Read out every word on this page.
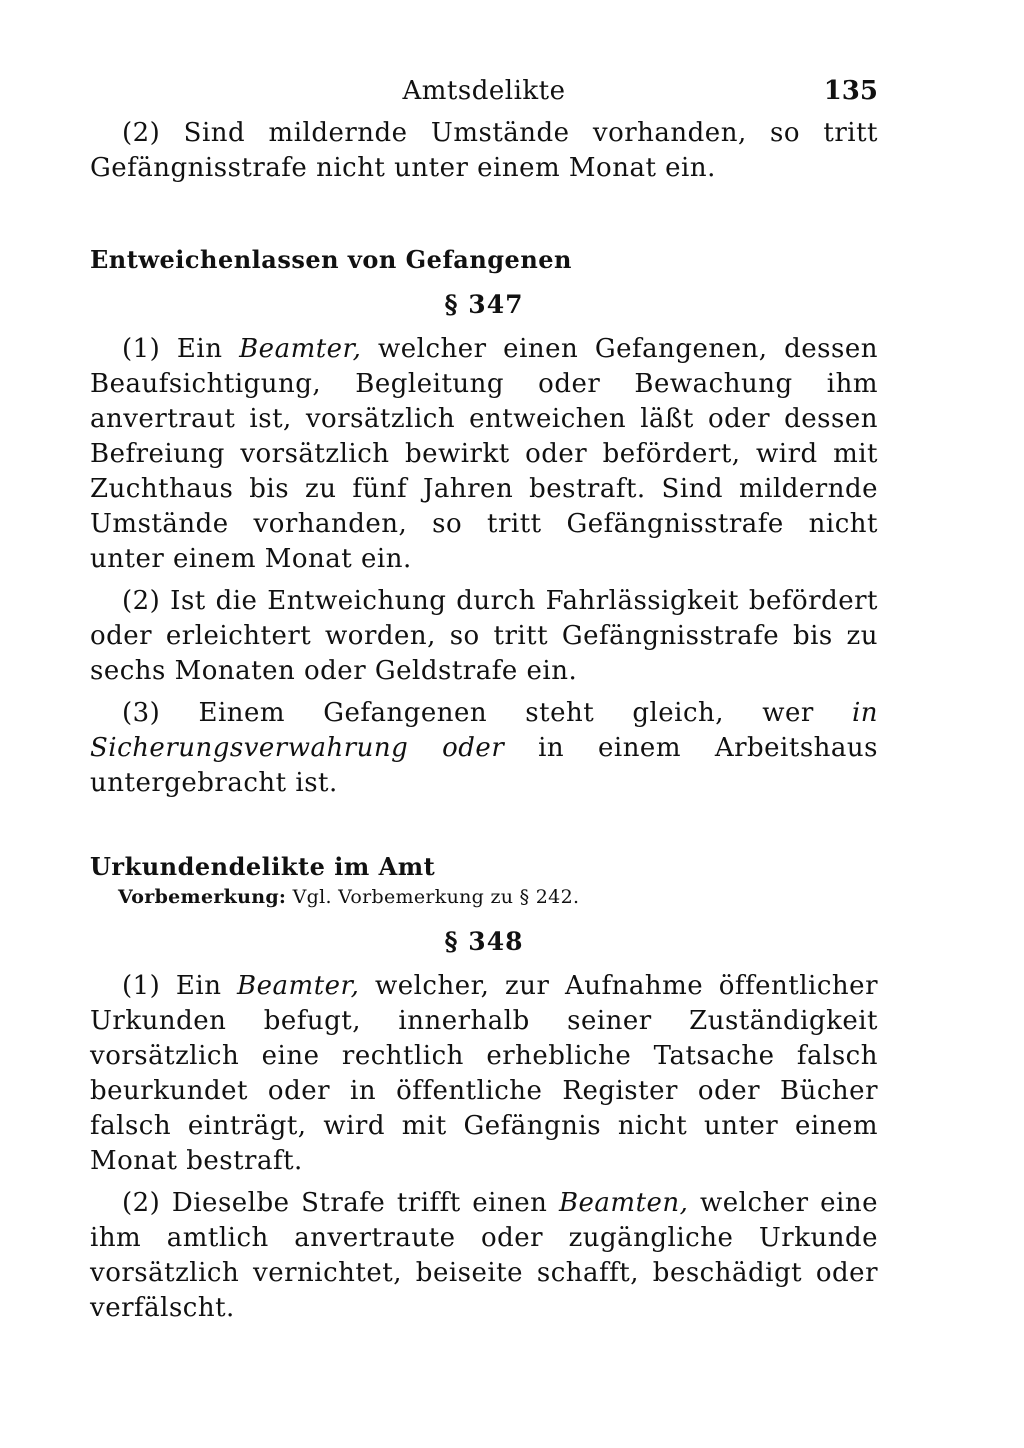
Amtsdelikte	135

(2) Sind mildernde Umstände vorhanden, so tritt Gefängnisstrafe nicht unter einem Monat ein.

Entweichenlassen von Gefangenen
§ 347

(1) Ein Beamter, welcher einen Gefangenen, dessen Beaufsichtigung, Begleitung oder Bewachung ihm anvertraut ist, vorsätzlich entweichen läßt oder dessen Befreiung vorsätzlich bewirkt oder befördert, wird mit Zuchthaus bis zu fünf Jahren bestraft. Sind mildernde Umstände vorhanden, so tritt Gefängnisstrafe nicht unter einem Monat ein.

(2) Ist die Entweichung durch Fahrlässigkeit befördert oder erleichtert worden, so tritt Gefängnisstrafe bis zu sechs Monaten oder Geldstrafe ein.

(3) Einem Gefangenen steht gleich, wer in Sicherungsverwahrung oder in einem Arbeitshaus untergebracht ist.

Urkundendelikte im Amt
Vorbemerkung: Vgl. Vorbemerkung zu § 242.
§ 348

(1) Ein Beamter, welcher, zur Aufnahme öffentlicher Urkunden befugt, innerhalb seiner Zuständigkeit vorsätzlich eine rechtlich erhebliche Tatsache falsch beurkundet oder in öffentliche Register oder Bücher falsch einträgt, wird mit Gefängnis nicht unter einem Monat bestraft.

(2) Dieselbe Strafe trifft einen Beamten, welcher eine ihm amtlich anvertraute oder zugängliche Urkunde vorsätzlich vernichtet, beiseite schafft, beschädigt oder verfälscht.
